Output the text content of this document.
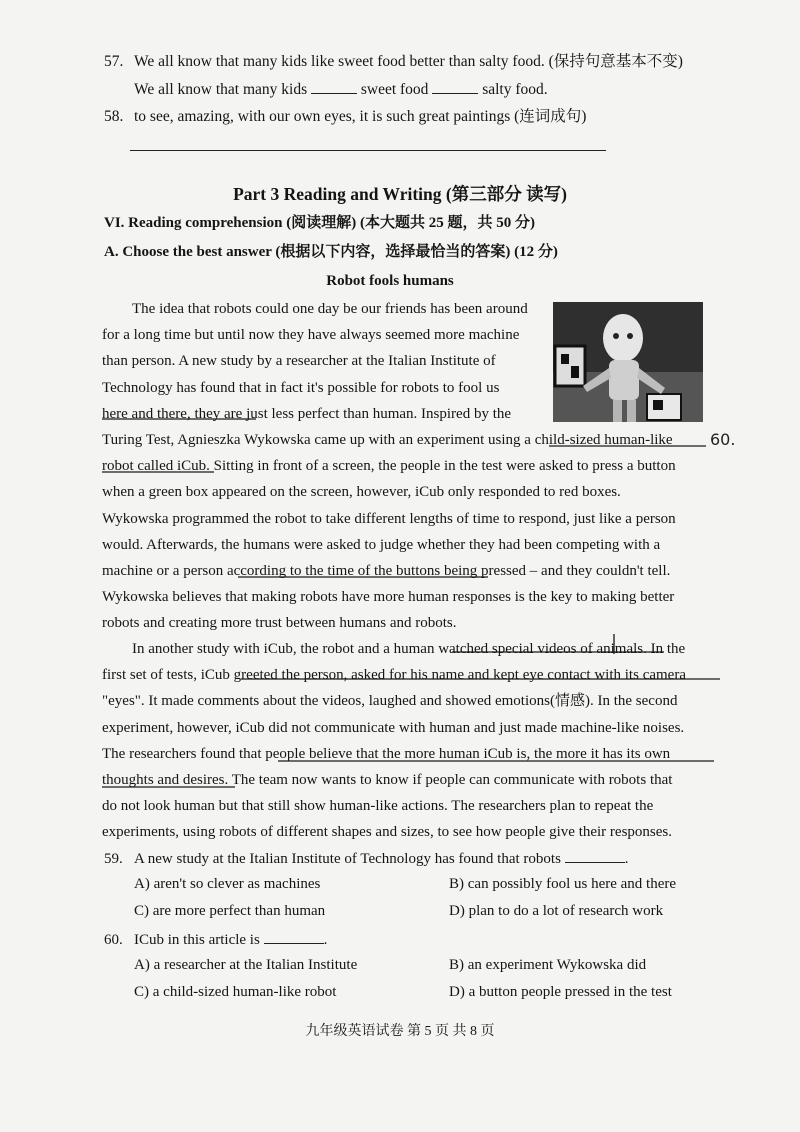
57. We all know that many kids like sweet food better than salty food. (保持句意基本不变)
We all know that many kids	sweet food	salty food.
58. to see, amazing, with our own eyes, it is such great paintings (连词成句)
Part 3 Reading and Writing (第三部分 读写)
VI. Reading comprehension (阅读理解) (本大题共 25 题，共 50 分)
A. Choose the best answer (根据以下内容，选择最恰当的答案) (12 分)
Robot fools humans
The idea that robots could one day be our friends has been around
for a long time but until now they have always seemed more machine
than person. A new study by a researcher at the Italian Institute of
Technology has found that in fact it's possible for robots to fool us
here and there, they are just less perfect than human. Inspired by the
Turing Test, Agnieszka Wykowska came up with an experiment using a child-sized human-like
robot called iCub. Sitting in front of a screen, the people in the test were asked to press a button
when a green box appeared on the screen, however, iCub only responded to red boxes.
Wykowska programmed the robot to take different lengths of time to respond, just like a person
would. Afterwards, the humans were asked to judge whether they had been competing with a
machine or a person according to the time of the buttons being pressed – and they couldn't tell.
Wykowska believes that making robots have more human responses is the key to making better
robots and creating more trust between humans and robots.
60.
In another study with iCub, the robot and a human watched special videos of animals. In the
first set of tests, iCub greeted the person, asked for his name and kept eye contact with its camera
"eyes". It made comments about the videos, laughed and showed emotions(情感). In the second
experiment, however, iCub did not communicate with human and just made machine-like noises.
The researchers found that people believe that the more human iCub is, the more it has its own
thoughts and desires. The team now wants to know if people can communicate with robots that
do not look human but that still show human-like actions. The researchers plan to repeat the
experiments, using robots of different shapes and sizes, to see how people give their responses.
59. A new study at the Italian Institute of Technology has found that robots	.
A) aren't so clever as machines	B) can possibly fool us here and there
C) are more perfect than human	D) plan to do a lot of research work
60. ICub in this article is	.
A) a researcher at the Italian Institute	B) an experiment Wykowska did
C) a child-sized human-like robot	D) a button people pressed in the test
九年级英语试卷 第 5 页 共 8 页
